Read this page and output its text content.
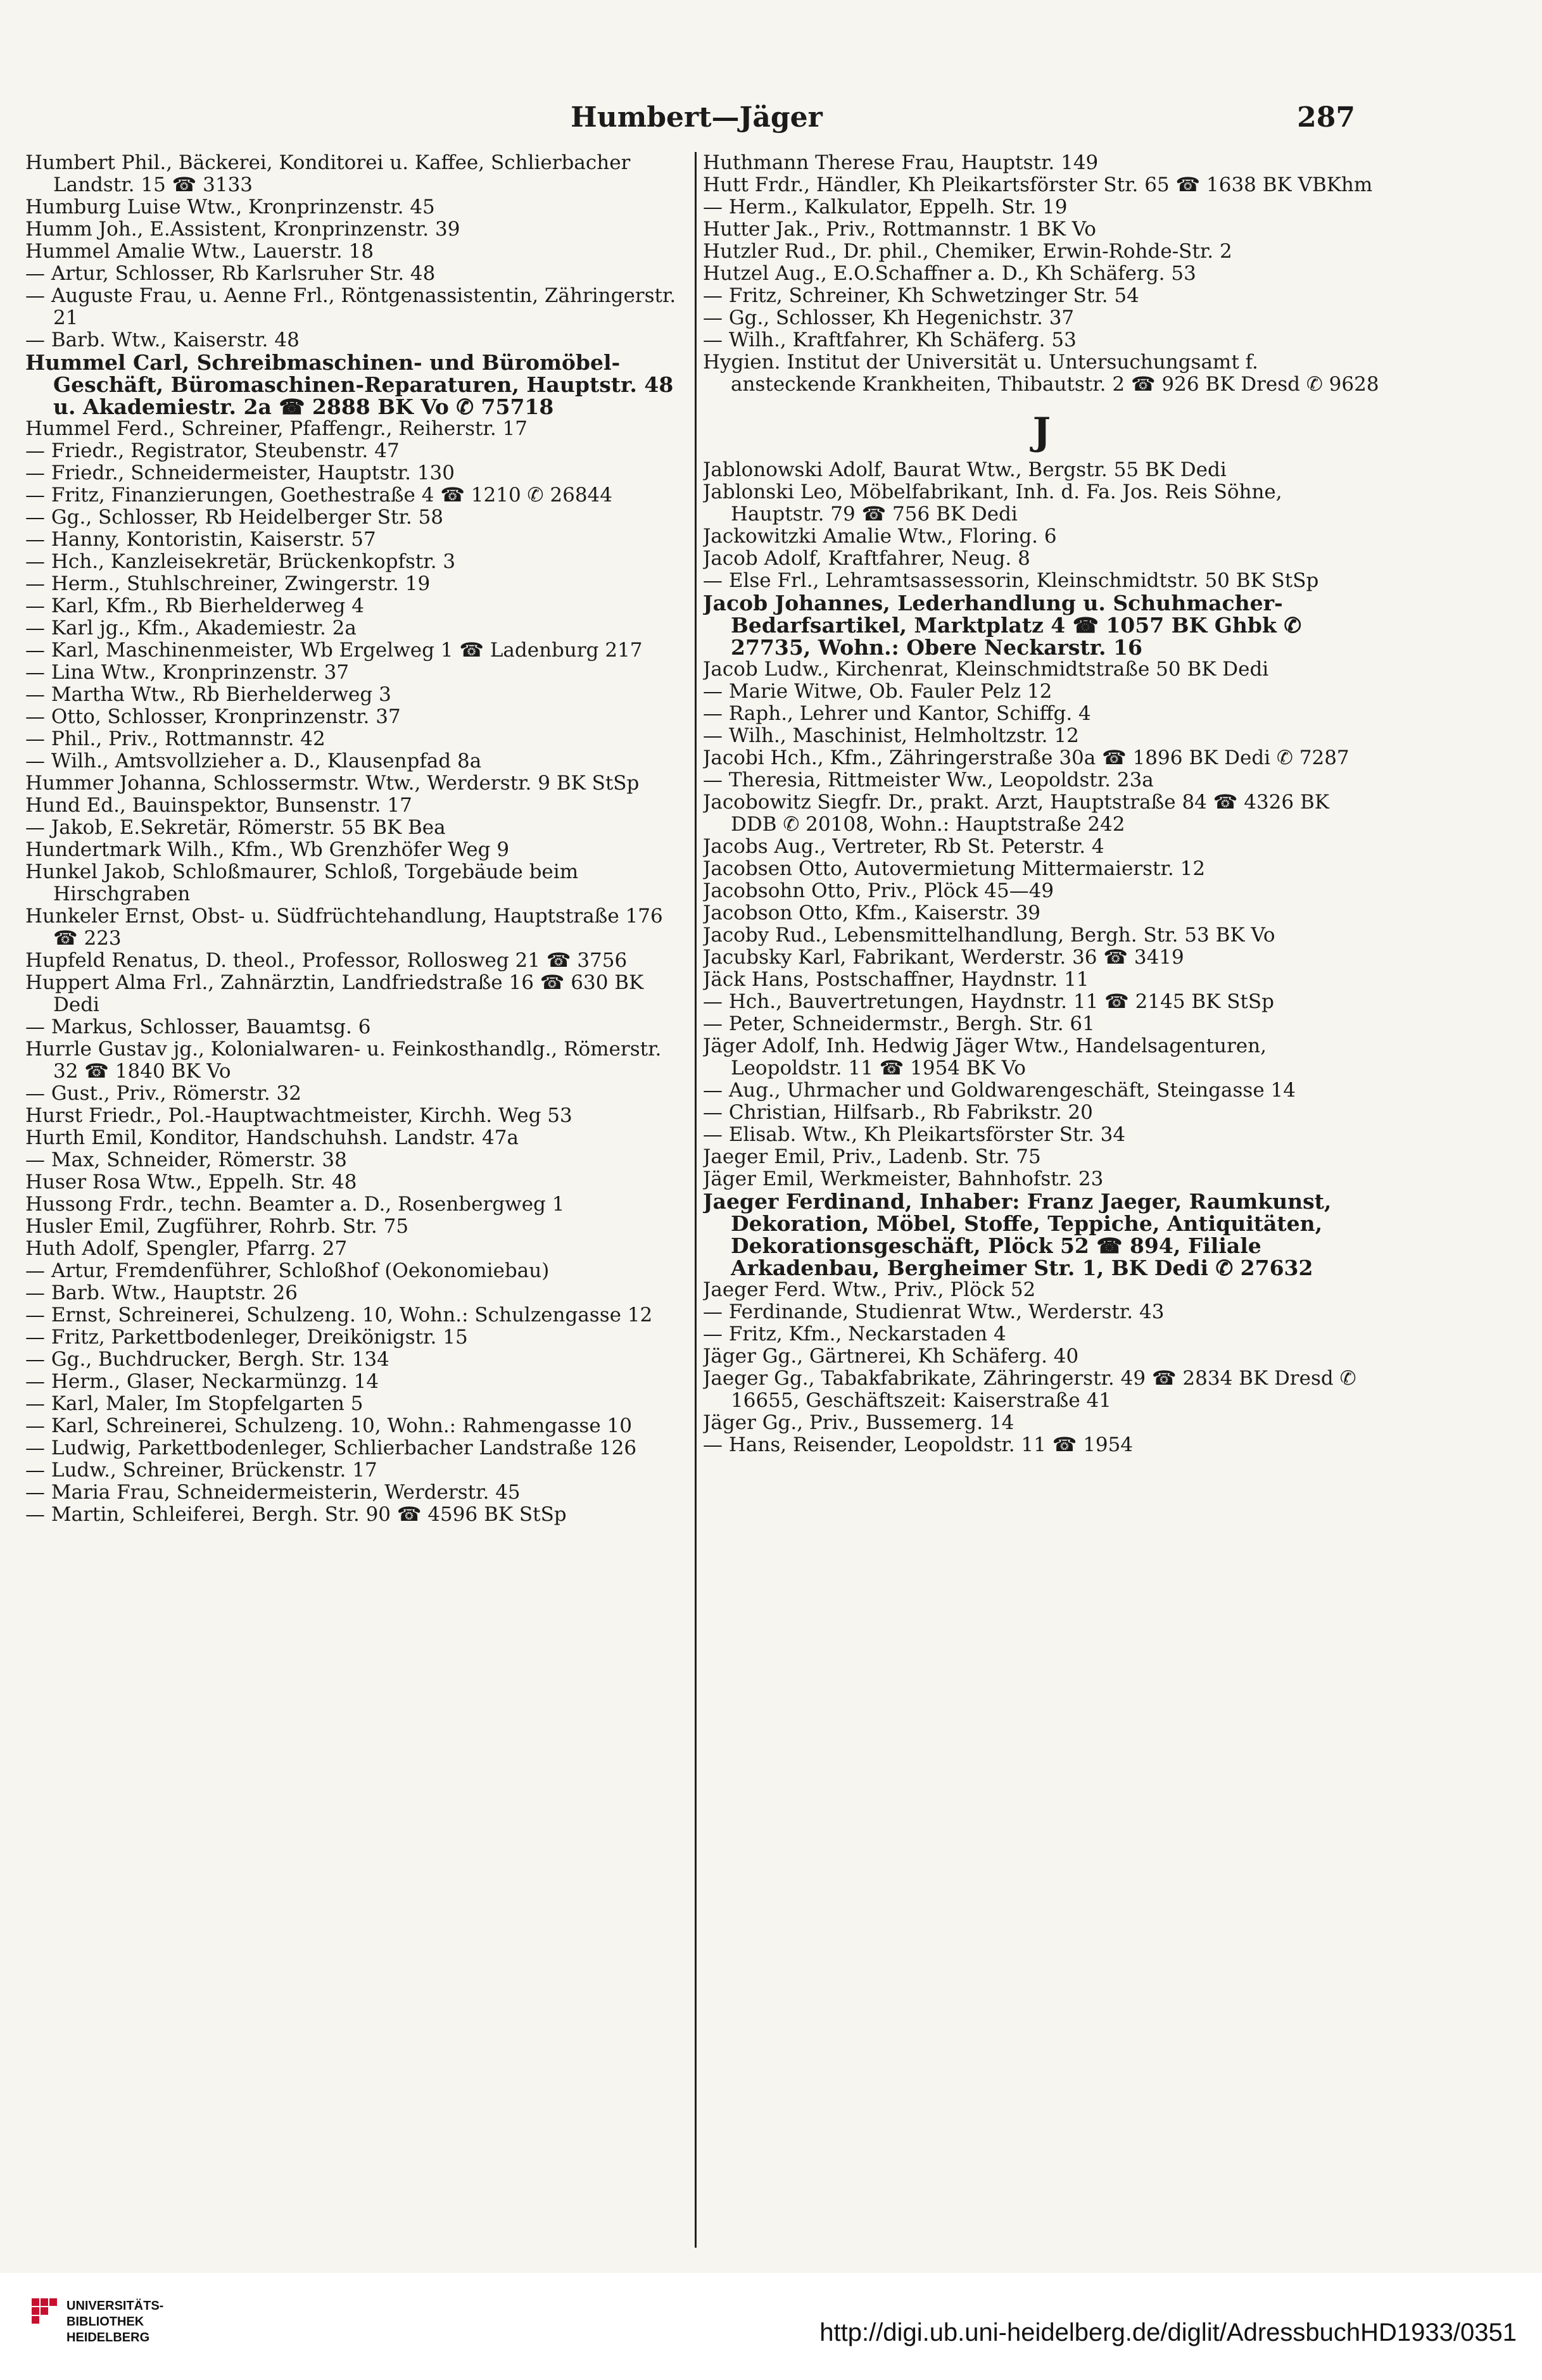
Humbert—Jäger	287

Humbert Phil., Bäckerei, Konditorei u. Kaffee, Schlierbacher Landstr. 15 ☎ 3133

Humburg Luise Wtw., Kronprinzenstr. 45

Humm Joh., E.Assistent, Kronprinzenstr. 39

Hummel Amalie Wtw., Lauerstr. 18

— Artur, Schlosser, Rb Karlsruher Str. 48

— Auguste Frau, u. Aenne Frl., Röntgenassistentin, Zähringerstr. 21

— Barb. Wtw., Kaiserstr. 48

Hummel Carl, Schreibmaschinen- und Büromöbel-Geschäft, Büromaschinen-Reparaturen, Hauptstr. 48 u. Akademiestr. 2a ☎ 2888 BK Vo ✆ 75718

Hummel Ferd., Schreiner, Pfaffengr., Reiherstr. 17

— Friedr., Registrator, Steubenstr. 47

— Friedr., Schneidermeister, Hauptstr. 130

— Fritz, Finanzierungen, Goethestraße 4 ☎ 1210 ✆ 26844

— Gg., Schlosser, Rb Heidelberger Str. 58

— Hanny, Kontoristin, Kaiserstr. 57

— Hch., Kanzleisekretär, Brückenkopfstr. 3

— Herm., Stuhlschreiner, Zwingerstr. 19

— Karl, Kfm., Rb Bierhelderweg 4

— Karl jg., Kfm., Akademiestr. 2a

— Karl, Maschinenmeister, Wb Ergelweg 1 ☎ Ladenburg 217

— Lina Wtw., Kronprinzenstr. 37

— Martha Wtw., Rb Bierhelderweg 3

— Otto, Schlosser, Kronprinzenstr. 37

— Phil., Priv., Rottmannstr. 42

— Wilh., Amtsvollzieher a. D., Klausenpfad 8a

Hummer Johanna, Schlossermstr. Wtw., Werderstr. 9 BK StSp

Hund Ed., Bauinspektor, Bunsenstr. 17

— Jakob, E.Sekretär, Römerstr. 55 BK Bea

Hundertmark Wilh., Kfm., Wb Grenzhöfer Weg 9

Hunkel Jakob, Schloßmaurer, Schloß, Torgebäude beim Hirschgraben

Hunkeler Ernst, Obst- u. Südfrüchtehandlung, Hauptstraße 176 ☎ 223

Hupfeld Renatus, D. theol., Professor, Rollosweg 21 ☎ 3756

Huppert Alma Frl., Zahnärztin, Landfriedstraße 16 ☎ 630 BK Dedi

— Markus, Schlosser, Bauamtsg. 6

Hurrle Gustav jg., Kolonialwaren- u. Feinkosthandlg., Römerstr. 32 ☎ 1840 BK Vo

— Gust., Priv., Römerstr. 32

Hurst Friedr., Pol.-Hauptwachtmeister, Kirchh. Weg 53

Hurth Emil, Konditor, Handschuhsh. Landstr. 47a

— Max, Schneider, Römerstr. 38

Huser Rosa Wtw., Eppelh. Str. 48

Hussong Frdr., techn. Beamter a. D., Rosenbergweg 1

Husler Emil, Zugführer, Rohrb. Str. 75

Huth Adolf, Spengler, Pfarrg. 27

— Artur, Fremdenführer, Schloßhof (Oekonomiebau)

— Barb. Wtw., Hauptstr. 26

— Ernst, Schreinerei, Schulzeng. 10, Wohn.: Schulzengasse 12

— Fritz, Parkettbodenleger, Dreikönigstr. 15

— Gg., Buchdrucker, Bergh. Str. 134

— Herm., Glaser, Neckarmünzg. 14

— Karl, Maler, Im Stopfelgarten 5

— Karl, Schreinerei, Schulzeng. 10, Wohn.: Rahmengasse 10

— Ludwig, Parkettbodenleger, Schlierbacher Landstraße 126

— Ludw., Schreiner, Brückenstr. 17

— Maria Frau, Schneidermeisterin, Werderstr. 45

— Martin, Schleiferei, Bergh. Str. 90 ☎ 4596 BK StSp

Huthmann Therese Frau, Hauptstr. 149

Hutt Frdr., Händler, Kh Pleikartsförster Str. 65 ☎ 1638 BK VBKhm

— Herm., Kalkulator, Eppelh. Str. 19

Hutter Jak., Priv., Rottmannstr. 1 BK Vo

Hutzler Rud., Dr. phil., Chemiker, Erwin-Rohde-Str. 2

Hutzel Aug., E.O.Schaffner a. D., Kh Schäferg. 53

— Fritz, Schreiner, Kh Schwetzinger Str. 54

— Gg., Schlosser, Kh Hegenichstr. 37

— Wilh., Kraftfahrer, Kh Schäferg. 53

Hygien. Institut der Universität u. Untersuchungsamt f. ansteckende Krankheiten, Thibautstr. 2 ☎ 926 BK Dresd ✆ 9628

J

Jablonowski Adolf, Baurat Wtw., Bergstr. 55 BK Dedi

Jablonski Leo, Möbelfabrikant, Inh. d. Fa. Jos. Reis Söhne, Hauptstr. 79 ☎ 756 BK Dedi

Jackowitzki Amalie Wtw., Floring. 6

Jacob Adolf, Kraftfahrer, Neug. 8

— Else Frl., Lehramtsassessorin, Kleinschmidtstr. 50 BK StSp

Jacob Johannes, Lederhandlung u. Schuhmacher-Bedarfsartikel, Marktplatz 4 ☎ 1057 BK Ghbk ✆ 27735, Wohn.: Obere Neckarstr. 16

Jacob Ludw., Kirchenrat, Kleinschmidtstraße 50 BK Dedi

— Marie Witwe, Ob. Fauler Pelz 12

— Raph., Lehrer und Kantor, Schiffg. 4

— Wilh., Maschinist, Helmholtzstr. 12

Jacobi Hch., Kfm., Zähringerstraße 30a ☎ 1896 BK Dedi ✆ 7287

— Theresia, Rittmeister Ww., Leopoldstr. 23a

Jacobowitz Siegfr. Dr., prakt. Arzt, Hauptstraße 84 ☎ 4326 BK DDB ✆ 20108, Wohn.: Hauptstraße 242

Jacobs Aug., Vertreter, Rb St. Peterstr. 4

Jacobsen Otto, Autovermietung Mittermaierstr. 12

Jacobsohn Otto, Priv., Plöck 45—49

Jacobson Otto, Kfm., Kaiserstr. 39

Jacoby Rud., Lebensmittelhandlung, Bergh. Str. 53 BK Vo

Jacubsky Karl, Fabrikant, Werderstr. 36 ☎ 3419

Jäck Hans, Postschaffner, Haydnstr. 11

— Hch., Bauvertretungen, Haydnstr. 11 ☎ 2145 BK StSp

— Peter, Schneidermstr., Bergh. Str. 61

Jäger Adolf, Inh. Hedwig Jäger Wtw., Handelsagenturen, Leopoldstr. 11 ☎ 1954 BK Vo

— Aug., Uhrmacher und Goldwarengeschäft, Steingasse 14

— Christian, Hilfsarb., Rb Fabrikstr. 20

— Elisab. Wtw., Kh Pleikartsförster Str. 34

Jaeger Emil, Priv., Ladenb. Str. 75

Jäger Emil, Werkmeister, Bahnhofstr. 23

Jaeger Ferdinand, Inhaber: Franz Jaeger, Raumkunst, Dekoration, Möbel, Stoffe, Teppiche, Antiquitäten, Dekorationsgeschäft, Plöck 52 ☎ 894, Filiale Arkadenbau, Bergheimer Str. 1, BK Dedi ✆ 27632

Jaeger Ferd. Wtw., Priv., Plöck 52

— Ferdinande, Studienrat Wtw., Werderstr. 43

— Fritz, Kfm., Neckarstaden 4

Jäger Gg., Gärtnerei, Kh Schäferg. 40

Jaeger Gg., Tabakfabrikate, Zähringerstr. 49 ☎ 2834 BK Dresd ✆ 16655, Geschäftszeit: Kaiserstraße 41

Jäger Gg., Priv., Bussemerg. 14

— Hans, Reisender, Leopoldstr. 11 ☎ 1954

UNIVERSITÄTS-
BIBLIOTHEK
HEIDELBERG	http://digi.ub.uni-heidelberg.de/diglit/AdressbuchHD1933/0351
